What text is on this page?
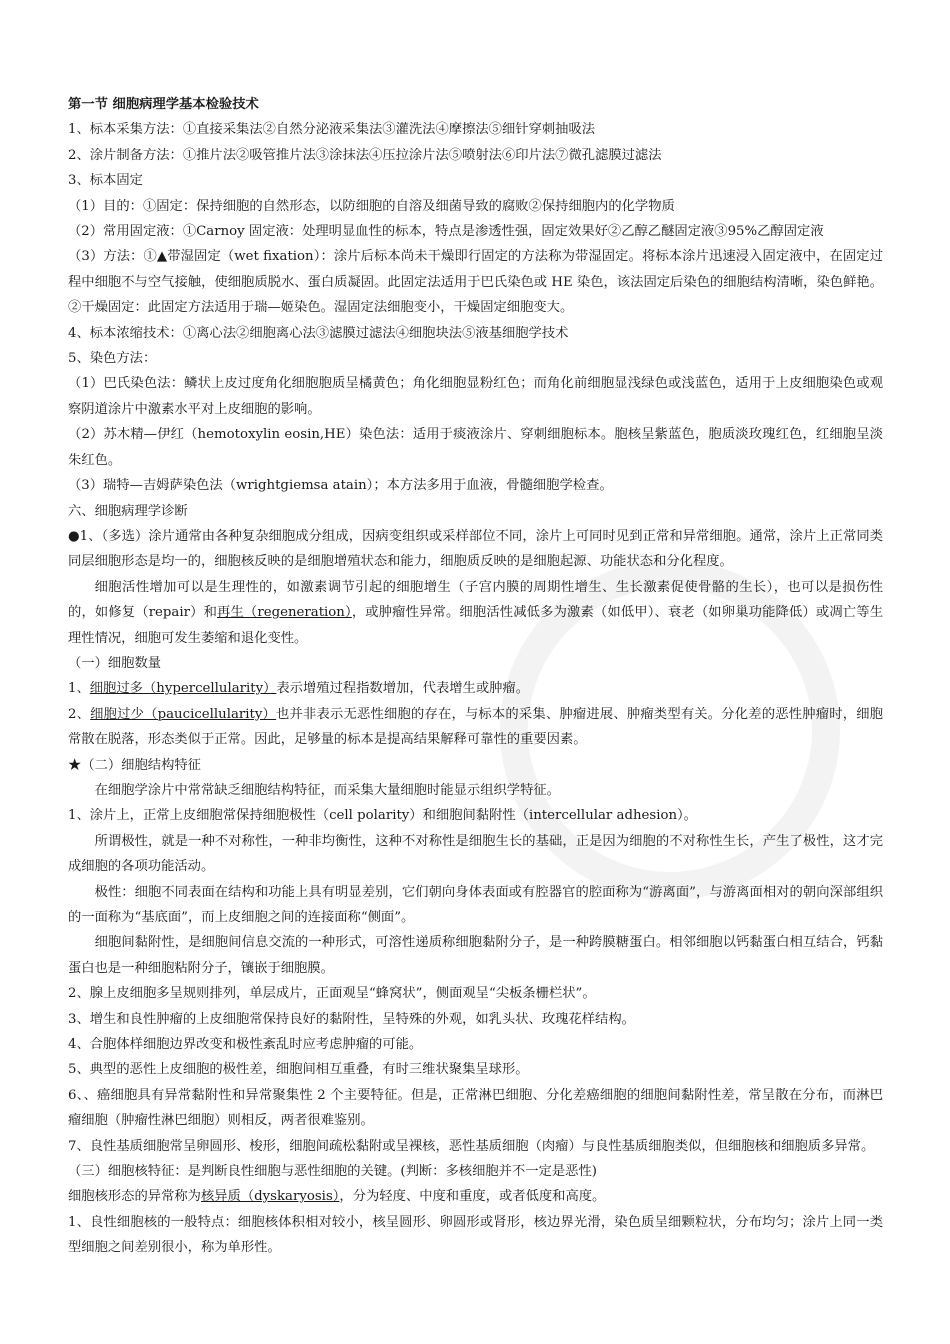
第一节 细胞病理学基本检验技术

1、标本采集方法：①直接采集法②自然分泌液采集法③灌洗法④摩擦法⑤细针穿刺抽吸法

2、涂片制备方法：①推片法②吸管推片法③涂抹法④压拉涂片法⑤喷射法⑥印片法⑦微孔滤膜过滤法

3、标本固定

（1）目的：①固定：保持细胞的自然形态，以防细胞的自溶及细菌导致的腐败②保持细胞内的化学物质

（2）常用固定液：①Carnoy 固定液：处理明显血性的标本，特点是渗透性强，固定效果好②乙醇乙醚固定液③95%乙醇固定液

（3）方法：①▲带湿固定（wet fixation）：涂片后标本尚未干燥即行固定的方法称为带湿固定。将标本涂片迅速浸入固定液中，在固定过程中细胞不与空气接触，使细胞质脱水、蛋白质凝固。此固定法适用于巴氏染色或 HE 染色，该法固定后染色的细胞结构清晰，染色鲜艳。②干燥固定：此固定方法适用于瑞—姬染色。湿固定法细胞变小，干燥固定细胞变大。

4、标本浓缩技术：①离心法②细胞离心法③滤膜过滤法④细胞块法⑤液基细胞学技术

5、染色方法：

（1）巴氏染色法：鳞状上皮过度角化细胞胞质呈橘黄色；角化细胞显粉红色；而角化前细胞显浅绿色或浅蓝色，适用于上皮细胞染色或观察阴道涂片中激素水平对上皮细胞的影响。

（2）苏木精—伊红（hemotoxylin eosin,HE）染色法：适用于痰液涂片、穿刺细胞标本。胞核呈紫蓝色，胞质淡玫瑰红色，红细胞呈淡朱红色。

（3）瑞特—吉姆萨染色法（wrightgiemsa atain）；本方法多用于血液，骨髓细胞学检查。

六、细胞病理学诊断

●1、（多选）涂片通常由各种复杂细胞成分组成，因病变组织或采样部位不同，涂片上可同时见到正常和异常细胞。通常，涂片上正常同类同层细胞形态是均一的，细胞核反映的是细胞增殖状态和能力，细胞质反映的是细胞起源、功能状态和分化程度。

细胞活性增加可以是生理性的，如激素调节引起的细胞增生（子宫内膜的周期性增生、生长激素促使骨骼的生长），也可以是损伤性的，如修复（repair）和再生（regeneration），或肿瘤性异常。细胞活性减低多为激素（如低甲）、衰老（如卵巢功能降低）或凋亡等生理性情况，细胞可发生萎缩和退化变性。

（一）细胞数量

1、细胞过多（hypercellularity）表示增殖过程指数增加，代表增生或肿瘤。

2、细胞过少（paucicellularity）也并非表示无恶性细胞的存在，与标本的采集、肿瘤进展、肿瘤类型有关。分化差的恶性肿瘤时，细胞常散在脱落，形态类似于正常。因此，足够量的标本是提高结果解释可靠性的重要因素。

★（二）细胞结构特征

在细胞学涂片中常常缺乏细胞结构特征，而采集大量细胞时能显示组织学特征。

1、涂片上，正常上皮细胞常保持细胞极性（cell polarity）和细胞间黏附性（intercellular adhesion）。

所谓极性，就是一种不对称性，一种非均衡性，这种不对称性是细胞生长的基础，正是因为细胞的不对称性生长，产生了极性，这才完成细胞的各项功能活动。

极性：细胞不同表面在结构和功能上具有明显差别，它们朝向身体表面或有腔器官的腔面称为“游离面”，与游离面相对的朝向深部组织的一面称为“基底面”，而上皮细胞之间的连接面称“侧面”。

细胞间黏附性，是细胞间信息交流的一种形式，可溶性递质称细胞黏附分子，是一种跨膜糖蛋白。相邻细胞以钙黏蛋白相互结合，钙黏蛋白也是一种细胞粘附分子，镶嵌于细胞膜。

2、腺上皮细胞多呈规则排列，单层成片，正面观呈“蜂窝状”，侧面观呈“尖板条栅栏状”。

3、增生和良性肿瘤的上皮细胞常保持良好的黏附性，呈特殊的外观，如乳头状、玫瑰花样结构。

4、合胞体样细胞边界改变和极性紊乱时应考虑肿瘤的可能。

5、典型的恶性上皮细胞的极性差，细胞间相互重叠，有时三维状聚集呈球形。

6、、癌细胞具有异常黏附性和异常聚集性 2 个主要特征。但是，正常淋巴细胞、分化差癌细胞的细胞间黏附性差，常呈散在分布，而淋巴瘤细胞（肿瘤性淋巴细胞）则相反，两者很难鉴别。

7、良性基质细胞常呈卵圆形、梭形，细胞间疏松黏附或呈裸核，恶性基质细胞（肉瘤）与良性基质细胞类似，但细胞核和细胞质多异常。

（三）细胞核特征：是判断良性细胞与恶性细胞的关键。(判断：多核细胞并不一定是恶性)

细胞核形态的异常称为核异质（dyskaryosis），分为轻度、中度和重度，或者低度和高度。

1、良性细胞核的一般特点：细胞核体积相对较小，核呈圆形、卵圆形或肾形，核边界光滑，染色质呈细颗粒状，分布均匀；涂片上同一类型细胞之间差别很小，称为单形性。
